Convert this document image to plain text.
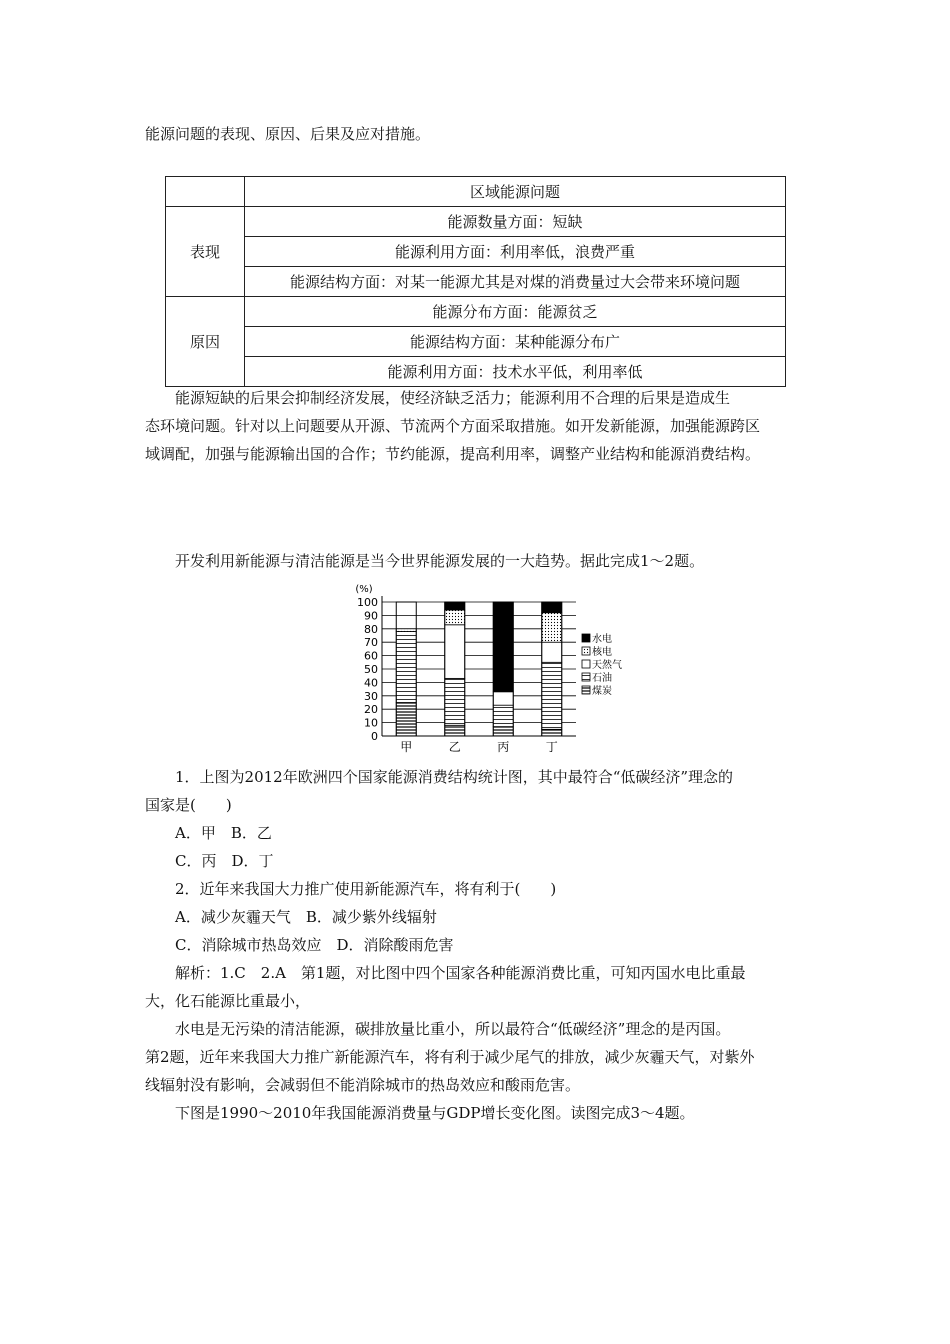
能源问题的表现、原因、后果及应对措施。
	区域能源问题
表现	能源数量方面：短缺
	能源利用方面：利用率低，浪费严重
	能源结构方面：对某一能源尤其是对煤的消费量过大会带来环境问题
原因	能源分布方面：能源贫乏
	能源结构方面：某种能源分布广
	能源利用方面：技术水平低，利用率低
能源短缺的后果会抑制经济发展，使经济缺乏活力；能源利用不合理的后果是造成生
态环境问题。针对以上问题要从开源、节流两个方面采取措施。如开发新能源，加强能源跨区
域调配，加强与能源输出国的合作；节约能源，提高利用率，调整产业结构和能源消费结构。
开发利用新能源与清洁能源是当今世界能源发展的一大趋势。据此完成1～2题。
0
10
20
30
40
50
60
70
80
90
100
(%)
甲	乙	丙	丁
水电
核电
天然气
石油
煤炭
1．上图为2012年欧洲四个国家能源消费结构统计图，其中最符合“低碳经济”理念的
国家是(　　)
A．甲　B．乙
C．丙　D．丁
2．近年来我国大力推广使用新能源汽车，将有利于(　　)
A．减少灰霾天气　B．减少紫外线辐射
C．消除城市热岛效应　D．消除酸雨危害
解析：1.C　2.A　第1题，对比图中四个国家各种能源消费比重，可知丙国水电比重最
大，化石能源比重最小，
水电是无污染的清洁能源，碳排放量比重小，所以最符合“低碳经济”理念的是丙国。
第2题，近年来我国大力推广新能源汽车，将有利于减少尾气的排放，减少灰霾天气，对紫外
线辐射没有影响，会减弱但不能消除城市的热岛效应和酸雨危害。
下图是1990～2010年我国能源消费量与GDP增长变化图。读图完成3～4题。
